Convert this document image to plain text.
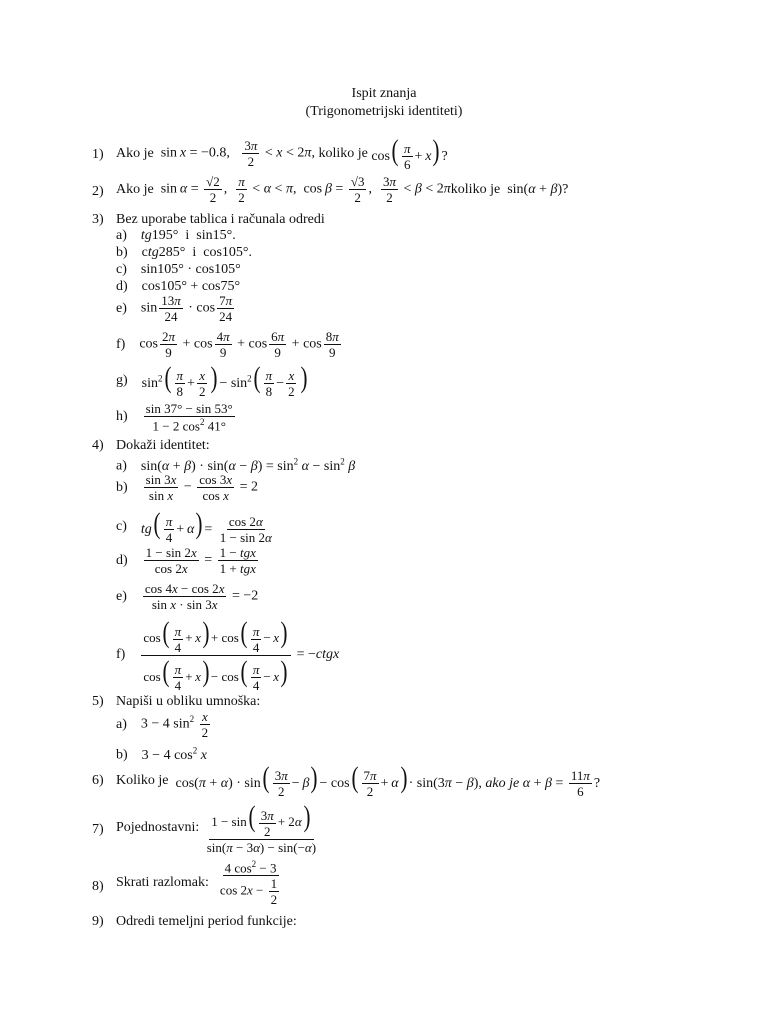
Ispit znanja
(Trigonometrijski identiteti)
1) Ako je
sin x = −0.8, $\frac{3\pi}{2} < x < 2\pi$, koliko je
$\cos( \frac{\pi}{6} + x)$ ?
2) Ako je
$\sin \alpha = \frac{√2}{2}$ , $\frac{\pi}{2} < \alpha < \pi$,  $\cos \beta = \frac{√3}{2}$ , $\frac{3\pi}{2} < \beta < 2\pi$ koliko je
sin(α + β)?
3) Bez uporabe tablica i računala odredi
a) tg195°  i  sin15°.
b) ctg285°  i  cos105°.
c) sin105° · cos105°
d) cos105° + cos75°
e)
$\sin \frac{13\pi}{24} \cdot \cos \frac{7\pi}{24}$
f)
$\cos \frac{2\pi}{9} + \cos \frac{4\pi}{9} + \cos \frac{6\pi}{9} + \cos \frac{8\pi}{9}$
g)
$\sin^2( \frac{\pi}{8} + \frac{x}{2}$ ) − $\sin^2( \frac{\pi}{8} - \frac{x}{2}$ )
h)
$\frac{\sin 37^\circ - \sin 53^\circ}{1 - 2 \cos^2 41^\circ}$
4) Dokaži identitet:
a) $\sin(\alpha + \beta) \cdot \sin(\alpha - \beta) = \sin^2 \alpha - \sin^2 \beta$
b)
$\frac{\sin 3x}{\text{sin x}} - \frac{\cos 3x}{\text{cos x}} = 2$
c)
$tg( \frac{\pi}{4} + \alpha) = \frac{\cos 2\alpha}{1 - \sin 2\alpha}$
d)
$\frac{1 - \sin 2x}{\cos 2x} = \frac{\text{1 − tgx}}{\text{1 + tgx}}$
e)
$\frac{\cos 4x - \cos 2x}{\text{sin x · sin 3x}} = -2$
f)
$\frac{\cos( \frac{\pi}{4} + x) + \cos( \frac{\pi}{4} - x)}{\cos( \frac{\pi}{4} + x) - \cos( \frac{\pi}{4} - x)}$ = −ctgx
5) Napiši u obliku umnoška:
a)
3 − 4 $\sin^2 \frac{x}{2}$
b) 3 − 4 $\cos^2 x$
6) Koliko je
$\cos(\pi + \alpha) \cdot \sin( \frac{3\pi}{2} - \beta) - \cos( \frac{7\pi}{2} + \alpha) \cdot \sin(3\pi - \beta)$, ako je $\alpha + \beta = \frac{11\pi}{6}$ ?
7) Pojednostavni:
$\frac{1 - \sin( \frac{3\pi}{2} + 2\alpha)}{\sin(\pi - 3\alpha) - \sin(-\alpha)}$
8) Skrati razlomak:
$\frac{4 \cos^2 - 3}{\cos 2x - \frac{1}{2}}$
9) Odredi temeljni period funkcije:
